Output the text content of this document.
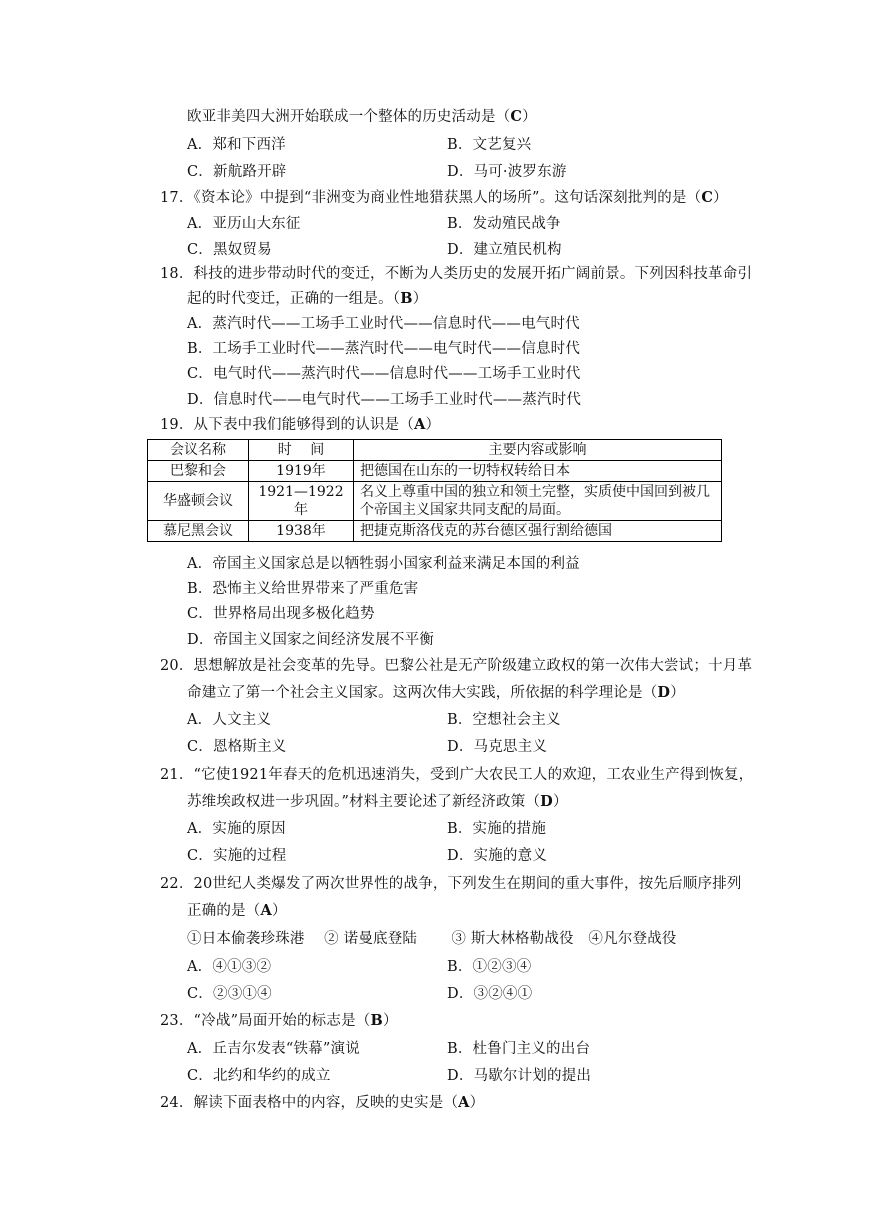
欧亚非美四大洲开始联成一个整体的历史活动是（C）
A．郑和下西洋	B．文艺复兴
C．新航路开辟	D．马可·波罗东游
17．《资本论》中提到“非洲变为商业性地猎获黑人的场所”。这句话深刻批判的是（C）
A．亚历山大东征	B．发动殖民战争
C．黑奴贸易	D．建立殖民机构
18．科技的进步带动时代的变迁，不断为人类历史的发展开拓广阔前景。下列因科技革命引
起的时代变迁，正确的一组是。（B）
A．蒸汽时代——工场手工业时代——信息时代——电气时代
B．工场手工业时代——蒸汽时代——电气时代——信息时代
C．电气时代——蒸汽时代——信息时代——工场手工业时代
D．信息时代——电气时代——工场手工业时代——蒸汽时代
19．从下表中我们能够得到的认识是（A）
A．帝国主义国家总是以牺牲弱小国家利益来满足本国的利益
B．恐怖主义给世界带来了严重危害
C．世界格局出现多极化趋势
D．帝国主义国家之间经济发展不平衡
20．思想解放是社会变革的先导。巴黎公社是无产阶级建立政权的第一次伟大尝试；十月革
命建立了第一个社会主义国家。这两次伟大实践，所依据的科学理论是（D）
A．人文主义	B．空想社会主义
C．恩格斯主义	D．马克思主义
21．“它使1921年春天的危机迅速消失，受到广大农民工人的欢迎，工农业生产得到恢复，
苏维埃政权进一步巩固。”材料主要论述了新经济政策（D）
A．实施的原因	B．实施的措施
C．实施的过程	D．实施的意义
22．20世纪人类爆发了两次世界性的战争，下列发生在期间的重大事件，按先后顺序排列
正确的是（A）
①日本偷袭珍珠港　 ② 诺曼底登陆　　 ③ 斯大林格勒战役　④凡尔登战役
A．④①③②	B．①②③④
C．②③①④	D．③②④①
23．“冷战”局面开始的标志是（B）
A．丘吉尔发表“铁幕”演说	B．杜鲁门主义的出台
C．北约和华约的成立	D．马歇尔计划的提出
24．解读下面表格中的内容，反映的史实是（A）
会议名称	时　 间	主要内容或影响
巴黎和会	1919年	把德国在山东的一切特权转给日本
华盛顿会议	1921—1922年	名义上尊重中国的独立和领土完整，实质使中国回到被几个帝国主义国家共同支配的局面。
慕尼黑会议	1938年	把捷克斯洛伐克的苏台德区强行割给德国
